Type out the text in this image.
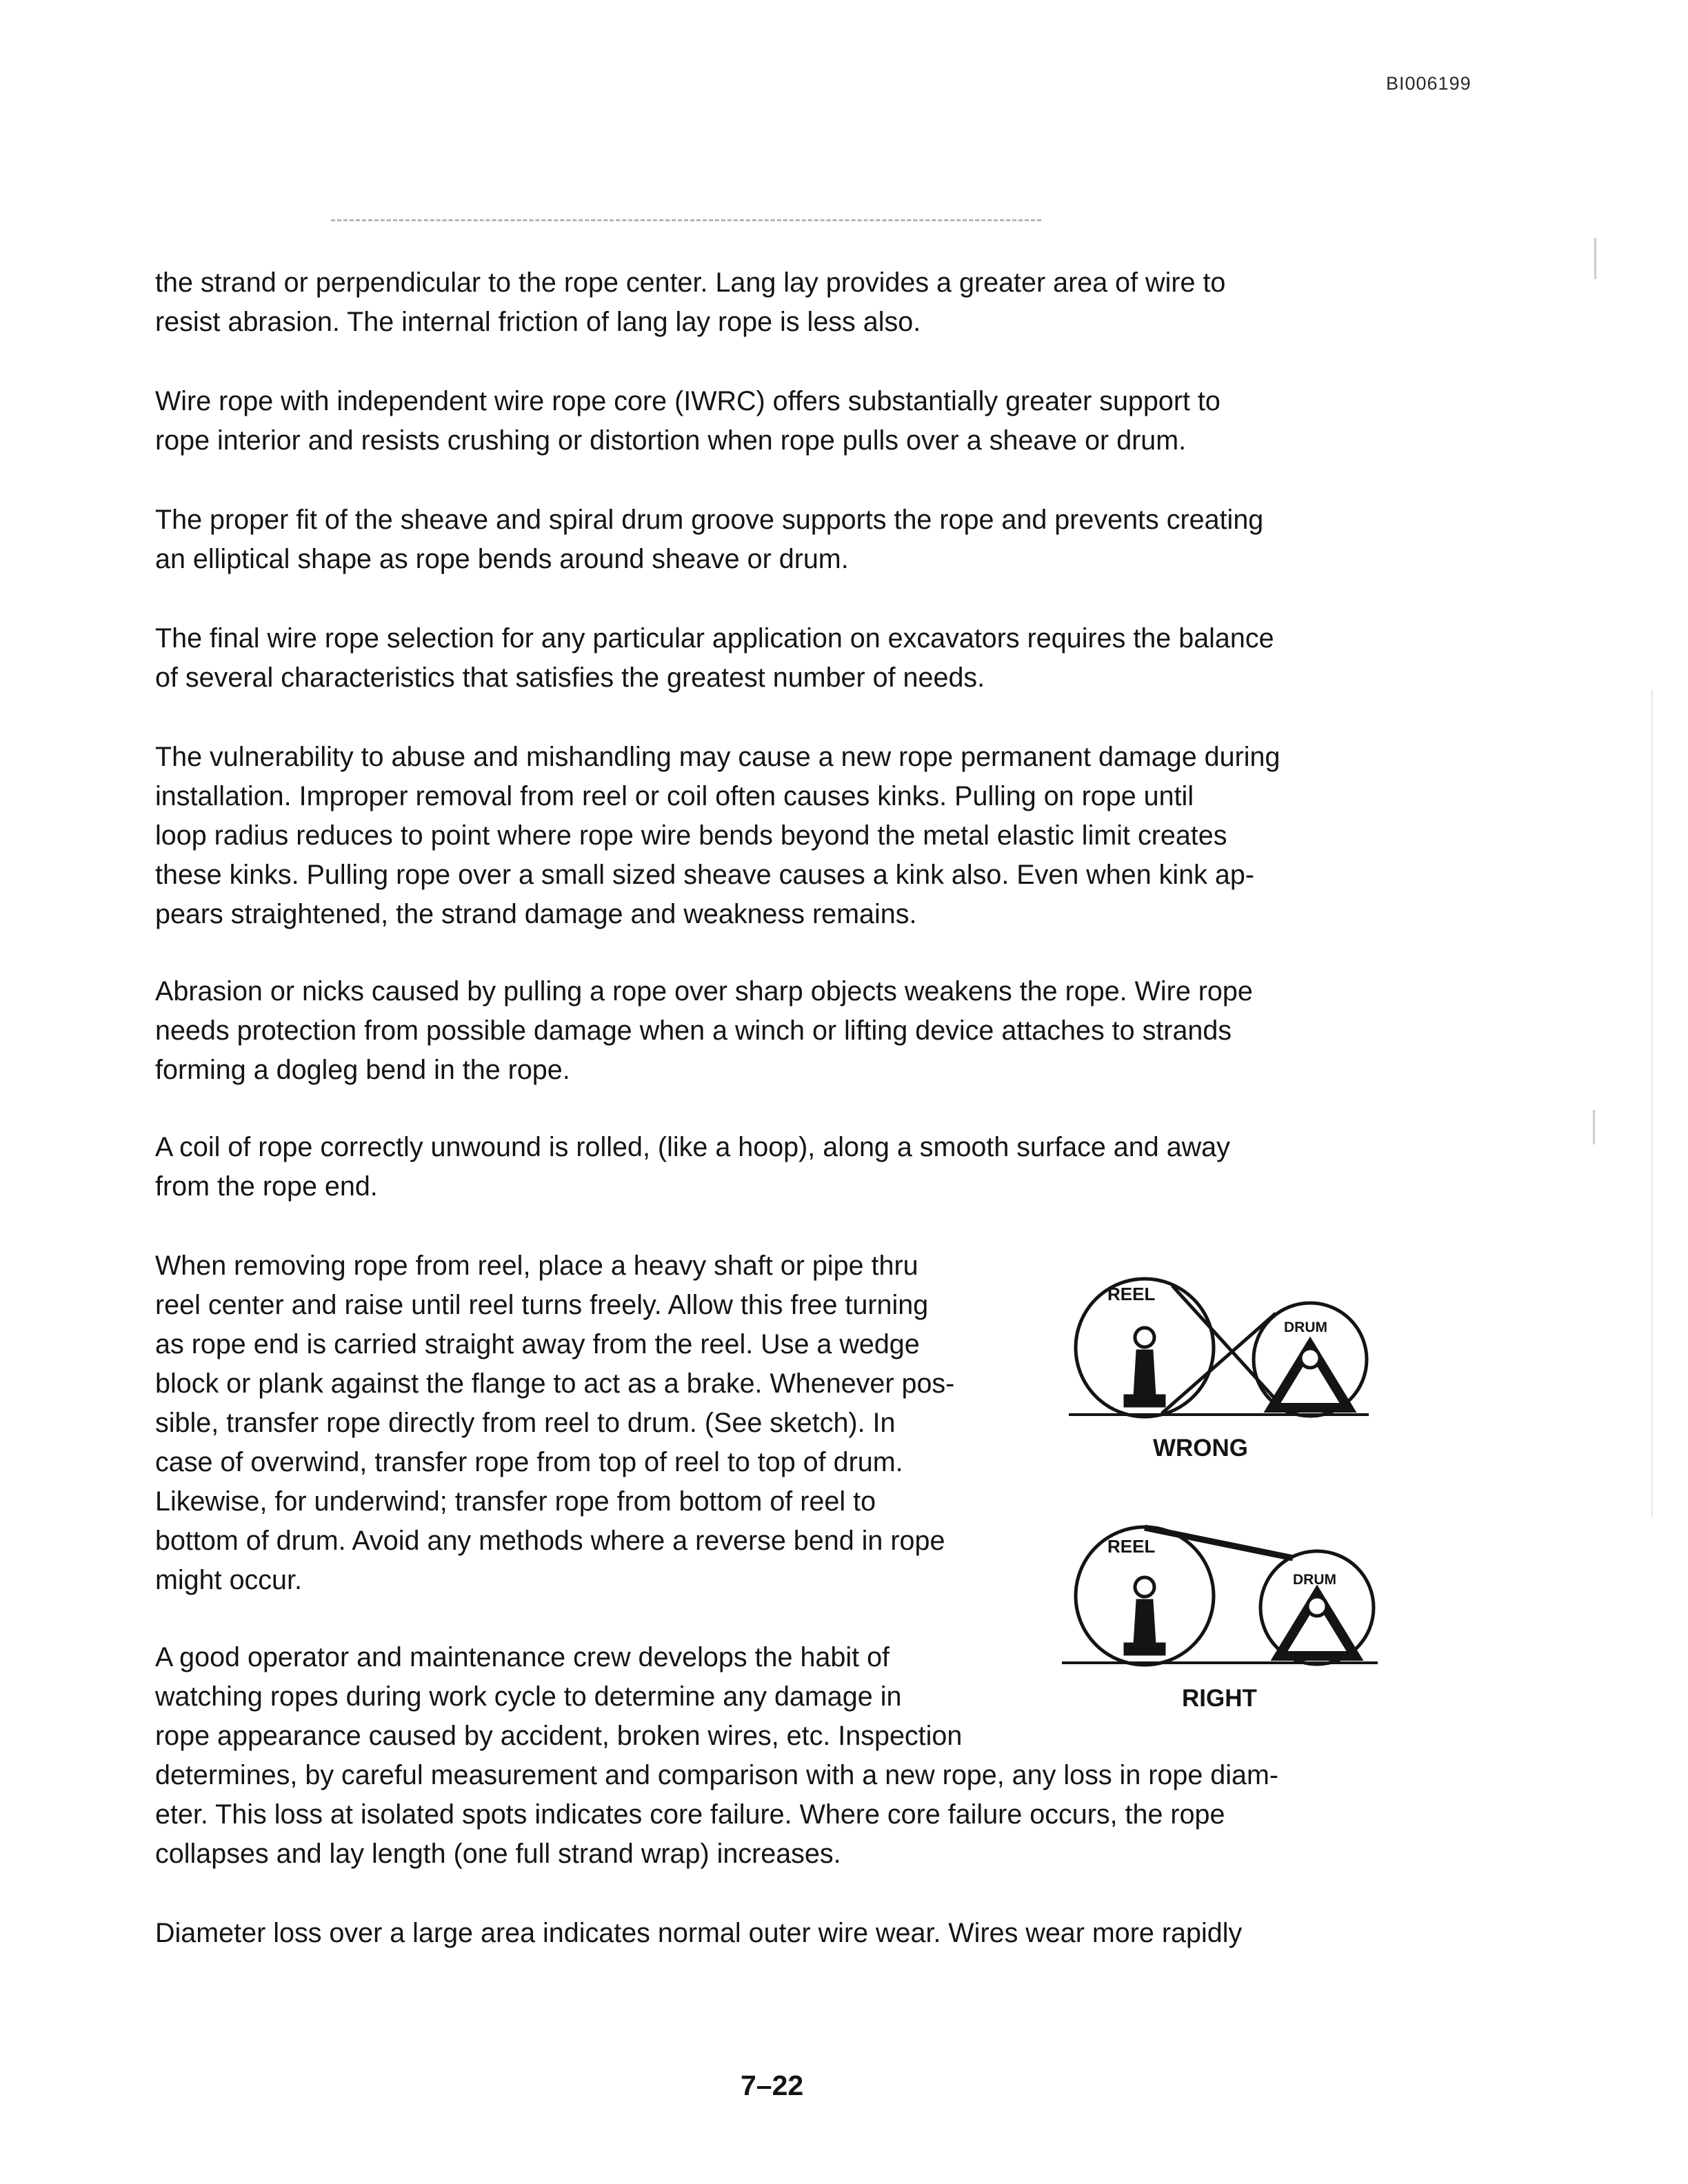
BI006199

the strand or perpendicular to the rope center. Lang lay provides a greater area of wire to
resist abrasion. The internal friction of lang lay rope is less also.

Wire rope with independent wire rope core (IWRC) offers substantially greater support to
rope interior and resists crushing or distortion when rope pulls over a sheave or drum.

The proper fit of the sheave and spiral drum groove supports the rope and prevents creating
an elliptical shape as rope bends around sheave or drum.

The final wire rope selection for any particular application on excavators requires the balance
of several characteristics that satisfies the greatest number of needs.

The vulnerability to abuse and mishandling may cause a new rope permanent damage during
installation. Improper removal from reel or coil often causes kinks. Pulling on rope until
loop radius reduces to point where rope wire bends beyond the metal elastic limit creates
these kinks. Pulling rope over a small sized sheave causes a kink also. Even when kink ap-
pears straightened, the strand damage and weakness remains.

Abrasion or nicks caused by pulling a rope over sharp objects weakens the rope. Wire rope
needs protection from possible damage when a winch or lifting device attaches to strands
forming a dogleg bend in the rope.

A coil of rope correctly unwound is rolled, (like a hoop), along a smooth surface and away
from the rope end.

When removing rope from reel, place a heavy shaft or pipe thru
reel center and raise until reel turns freely. Allow this free turning
as rope end is carried straight away from the reel. Use a wedge
block or plank against the flange to act as a brake. Whenever pos-
sible, transfer rope directly from reel to drum. (See sketch). In
case of overwind, transfer rope from top of reel to top of drum.
Likewise, for underwind; transfer rope from bottom of reel to
bottom of drum. Avoid any methods where a reverse bend in rope
might occur.

A good operator and maintenance crew develops the habit of
watching ropes during work cycle to determine any damage in
rope appearance caused by accident, broken wires, etc. Inspection

determines, by careful measurement and comparison with a new rope, any loss in rope diam-
eter. This loss at isolated spots indicates core failure. Where core failure occurs, the rope
collapses and lay length (one full strand wrap) increases.

Diameter loss over a large area indicates normal outer wire wear. Wires wear more rapidly

REEL
DRUM
WRONG
REEL
DRUM
RIGHT
7–22
